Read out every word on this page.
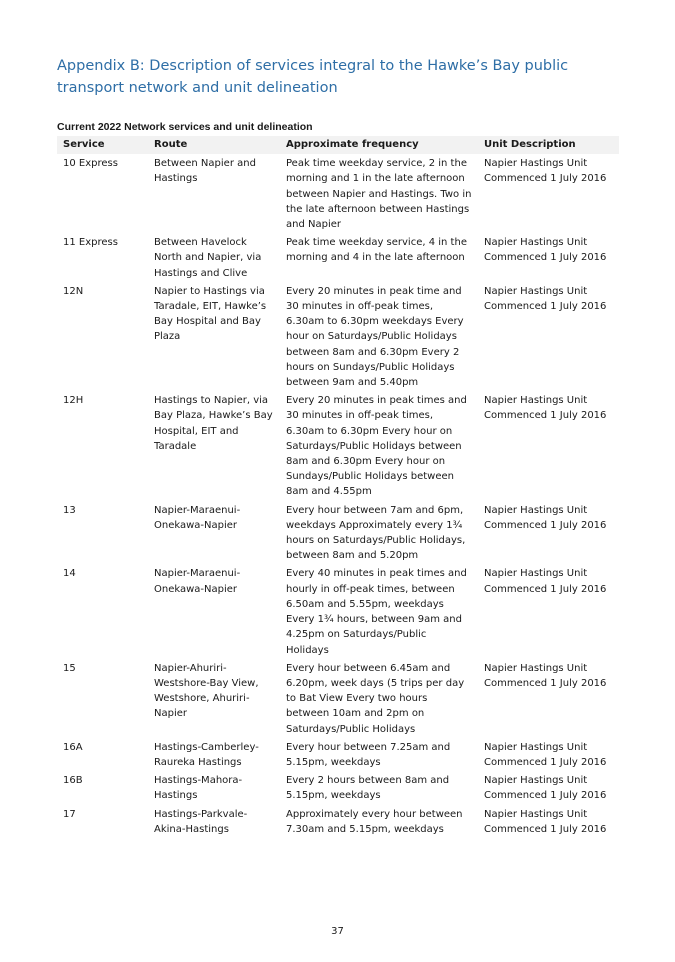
Appendix B: Description of services integral to the Hawke’s Bay public transport network and unit delineation

Current 2022 Network services and unit delineation

Service	Route	Approximate frequency	Unit Description
10 Express	Between Napier and Hastings	Peak time weekday service, 2 in the morning and 1 in the late afternoon between Napier and Hastings. Two in the late afternoon between Hastings and Napier	Napier Hastings Unit Commenced 1 July 2016
11 Express	Between Havelock North and Napier, via Hastings and Clive	Peak time weekday service, 4 in the morning and 4 in the late afternoon	Napier Hastings Unit Commenced 1 July 2016
12N	Napier to Hastings via Taradale, EIT, Hawke’s Bay Hospital and Bay Plaza	Every 20 minutes in peak time and 30 minutes in off-peak times, 6.30am to 6.30pm weekdays Every hour on Saturdays/Public Holidays between 8am and 6.30pm Every 2 hours on Sundays/Public Holidays between 9am and 5.40pm	Napier Hastings Unit Commenced 1 July 2016
12H	Hastings to Napier, via Bay Plaza, Hawke’s Bay Hospital, EIT and Taradale	Every 20 minutes in peak times and 30 minutes in off-peak times, 6.30am to 6.30pm Every hour on Saturdays/Public Holidays between 8am and 6.30pm Every hour on Sundays/Public Holidays between 8am and 4.55pm	Napier Hastings Unit Commenced 1 July 2016
13	Napier-Maraenui-Onekawa-Napier	Every hour between 7am and 6pm, weekdays Approximately every 1¾ hours on Saturdays/Public Holidays, between 8am and 5.20pm	Napier Hastings Unit Commenced 1 July 2016
14	Napier-Maraenui-Onekawa-Napier	Every 40 minutes in peak times and hourly in off-peak times, between 6.50am and 5.55pm, weekdays Every 1¾ hours, between 9am and 4.25pm on Saturdays/Public Holidays	Napier Hastings Unit Commenced 1 July 2016
15	Napier-Ahuriri-Westshore-Bay View, Westshore, Ahuriri-Napier	Every hour between 6.45am and 6.20pm, week days (5 trips per day to Bat View Every two hours between 10am and 2pm on Saturdays/Public Holidays	Napier Hastings Unit Commenced 1 July 2016
16A	Hastings-Camberley-Raureka Hastings	Every hour between 7.25am and 5.15pm, weekdays	Napier Hastings Unit Commenced 1 July 2016
16B	Hastings-Mahora-Hastings	Every 2 hours between 8am and 5.15pm, weekdays	Napier Hastings Unit Commenced 1 July 2016
17	Hastings-Parkvale-Akina-Hastings	Approximately every hour between 7.30am and 5.15pm, weekdays	Napier Hastings Unit Commenced 1 July 2016
37
